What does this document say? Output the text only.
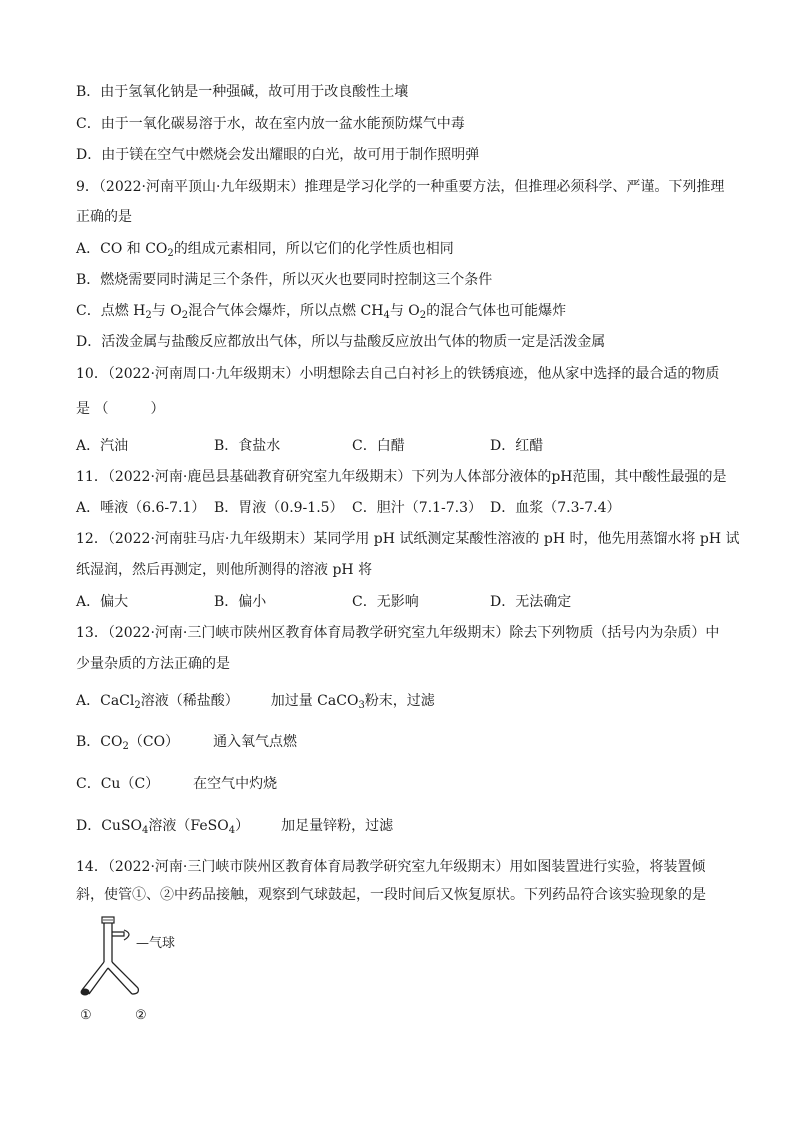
B．由于氢氧化钠是一种强碱，故可用于改良酸性土壤
C．由于一氧化碳易溶于水，故在室内放一盆水能预防煤气中毒
D．由于镁在空气中燃烧会发出耀眼的白光，故可用于制作照明弹
9．（2022·河南平顶山·九年级期末）推理是学习化学的一种重要方法，但推理必须科学、严谨。下列推理
正确的是
A．CO 和 $CO_2$的组成元素相同，所以它们的化学性质也相同
B．燃烧需要同时满足三个条件，所以灭火也要同时控制这三个条件
C．点燃 $H_2$与 $O_2$混合气体会爆炸，所以点燃 $CH_4$与 $O_2$的混合气体也可能爆炸
D．活泼金属与盐酸反应都放出气体，所以与盐酸反应放出气体的物质一定是活泼金属
10．（2022·河南周口·九年级期末）小明想除去自己白衬衫上的铁锈痕迹，他从家中选择的最合适的物质
是 （　　　）
A．汽油	B．食盐水	C．白醋	D．红醋
11．（2022·河南·鹿邑县基础教育研究室九年级期末）下列为人体部分液体的pH范围，其中酸性最强的是
A．唾液（6.6-7.1） B．胃液（0.9-1.5） C．胆汁（7.1-7.3） D．血浆（7.3-7.4）
12．（2022·河南驻马店·九年级期末）某同学用 pH 试纸测定某酸性溶液的 pH 时，他先用蒸馏水将 pH 试
纸湿润，然后再测定，则他所测得的溶液 pH 将
A．偏大	B．偏小	C．无影响	D．无法确定
13．（2022·河南·三门峡市陕州区教育体育局教学研究室九年级期末）除去下列物质（括号内为杂质）中
少量杂质的方法正确的是
A．CaCl$_2$溶液（稀盐酸） 加过量 CaCO$_3$粉末，过滤
B．$CO_2(CO)$ 通入氧气点燃
C．Cu（C） 在空气中灼烧
D．CuSO$_4$溶液（FeSO$_4$） 加足量锌粉，过滤
14．（2022·河南·三门峡市陕州区教育体育局教学研究室九年级期末）用如图装置进行实验，将装置倾
斜，使管①、②中药品接触，观察到气球鼓起，一段时间后又恢复原状。下列药品符合该实验现象的是
—气球
①	②
